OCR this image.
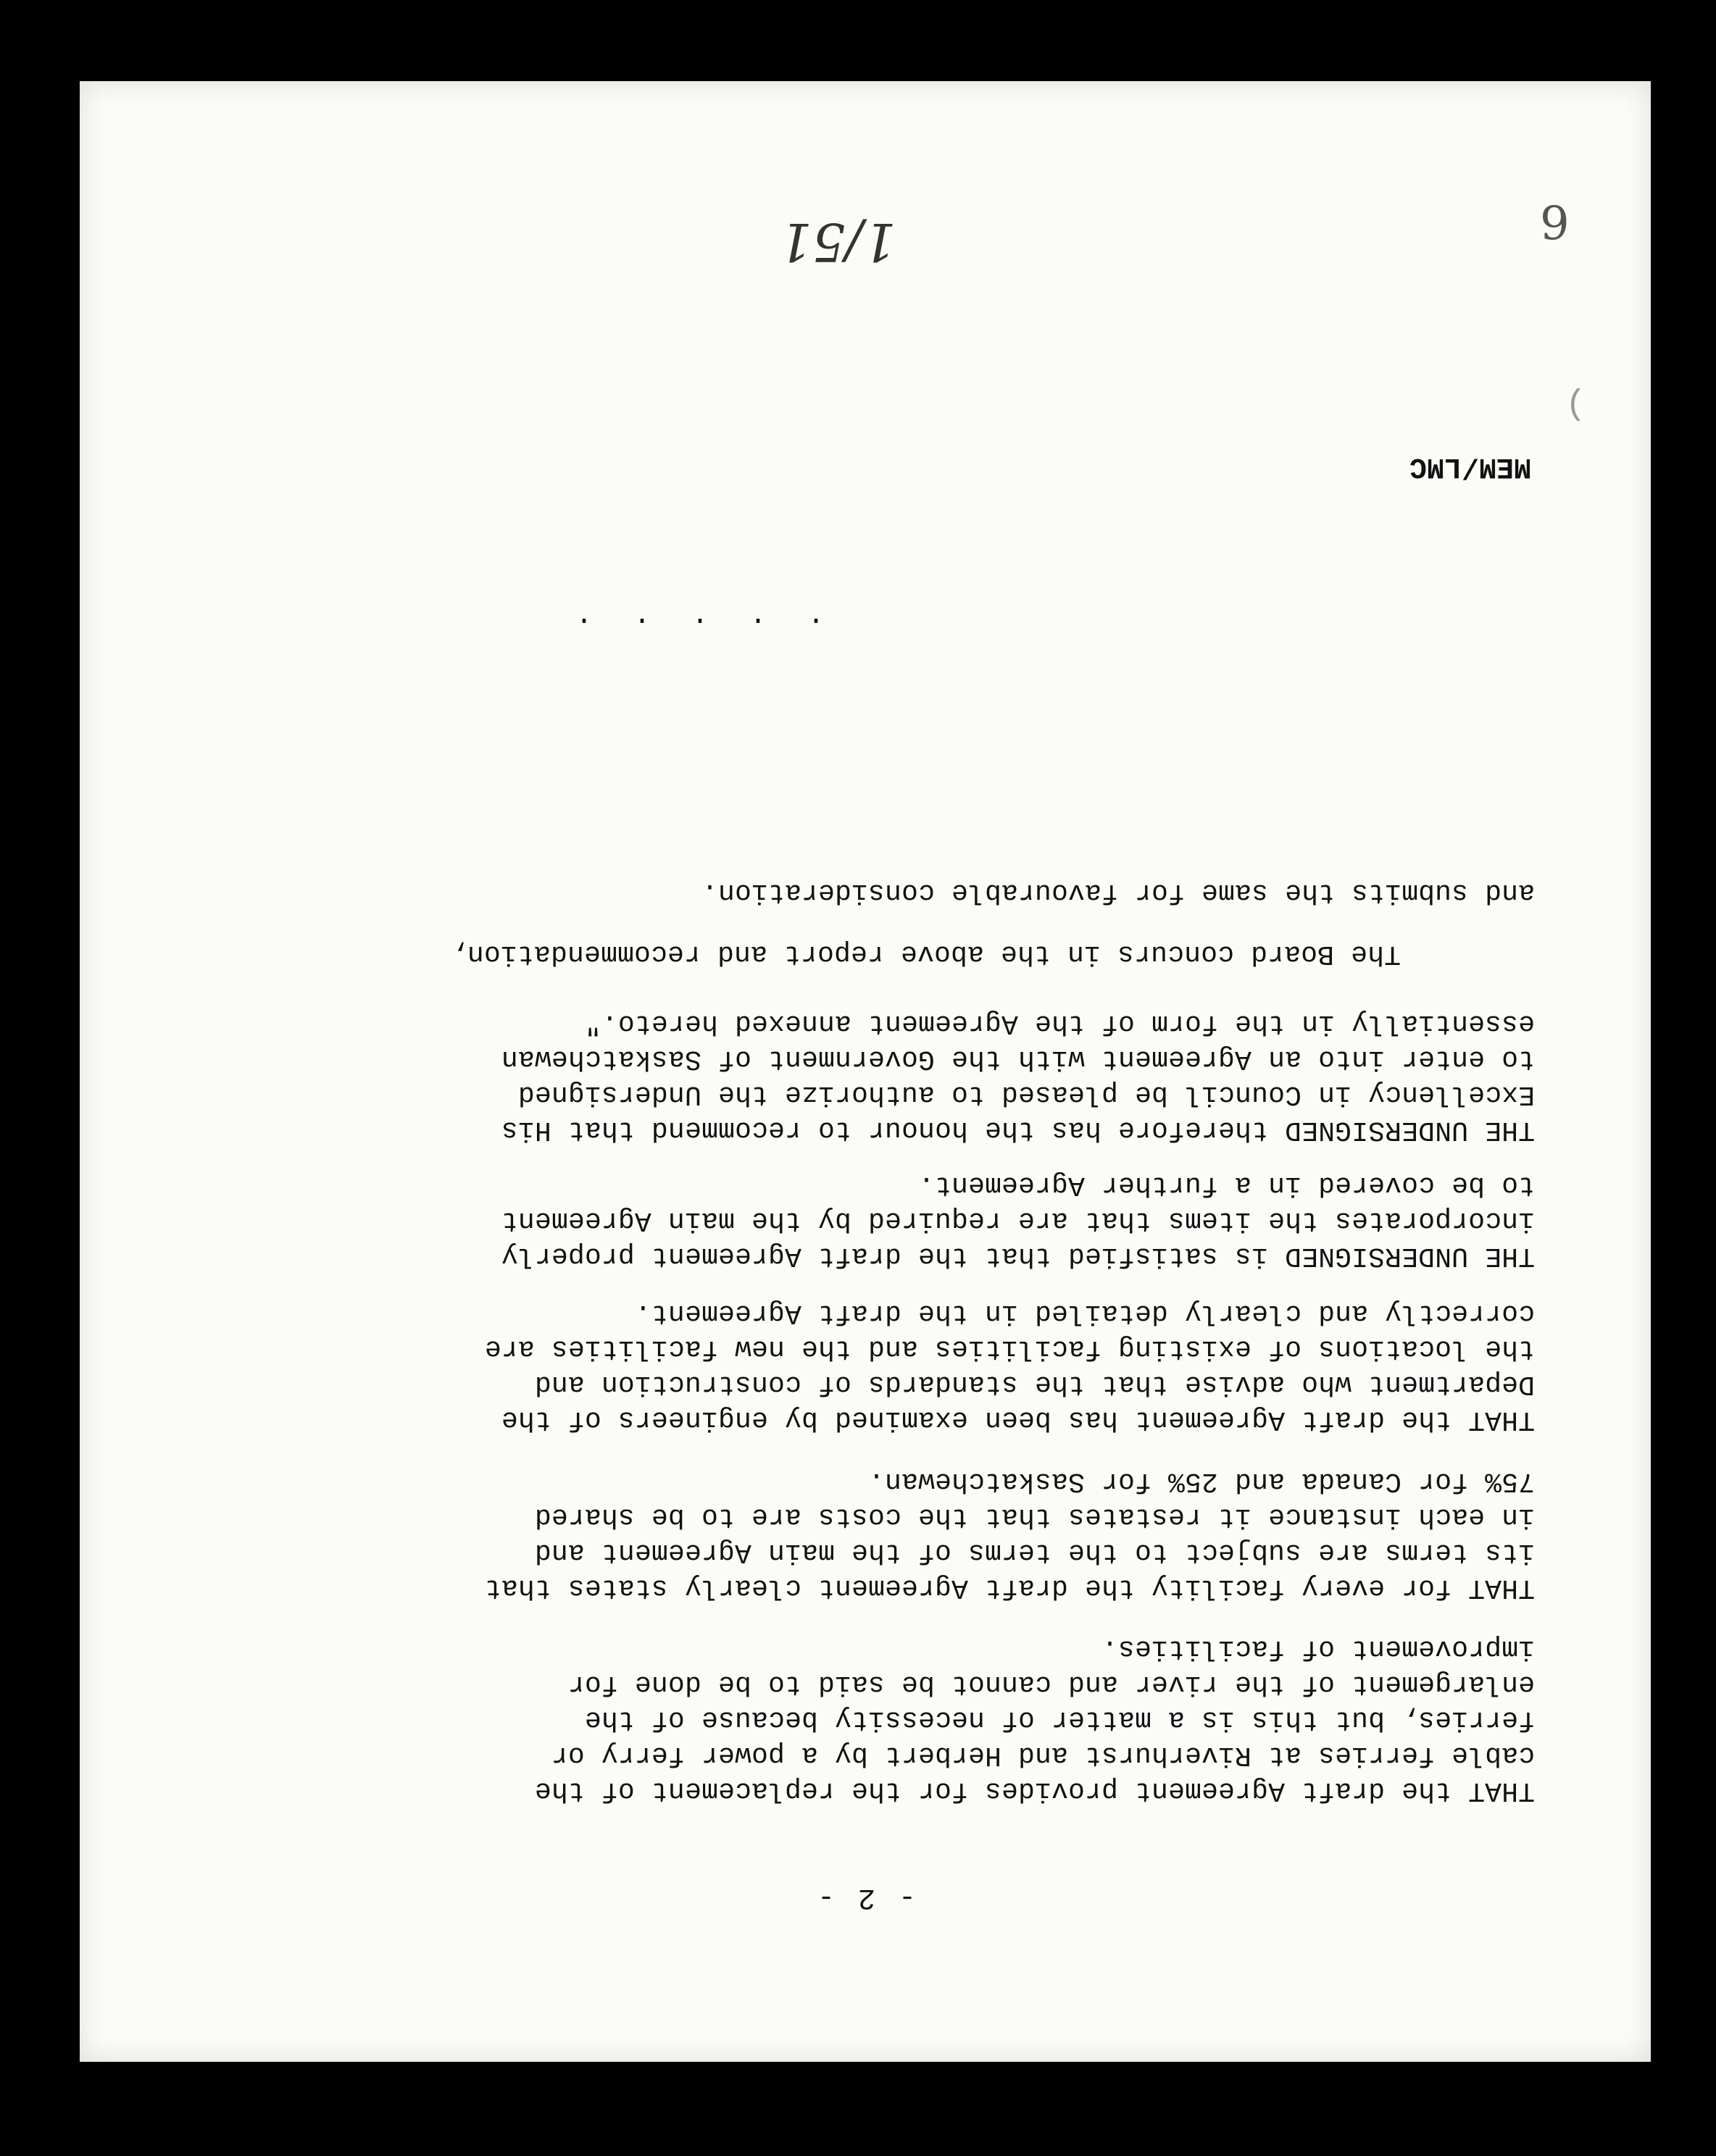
- 2 -
THAT the draft Agreement provides for the replacement of the
cable ferries at Riverhurst and Herbert by a power ferry or
ferries, but this is a matter of necessity because of the
enlargement of the river and cannot be said to be done for
improvement of facilities.
THAT for every facility the draft Agreement clearly states that
its terms are subject to the terms of the main Agreement and
in each instance it restates that the costs are to be shared
75% for Canada and 25% for Saskatchewan.
THAT the draft Agreement has been examined by engineers of the
Department who advise that the standards of construction and
the locations of existing facilities and the new facilities are
correctly and clearly detailed in the draft Agreement.
THE UNDERSIGNED is satisfied that the draft Agreement properly
incorporates the items that are required by the main Agreement
to be covered in a further Agreement.
THE UNDERSIGNED therefore has the honour to recommend that His
Excellency in Council be pleased to authorize the Undersigned
to enter into an Agreement with the Government of Saskatchewan
essentially in the form of the Agreement annexed hereto."
The Board concurs in the above report and recommendation,
and submits the same for favourable consideration.
. . . . .
MEM/LMC
1/51	9
(
